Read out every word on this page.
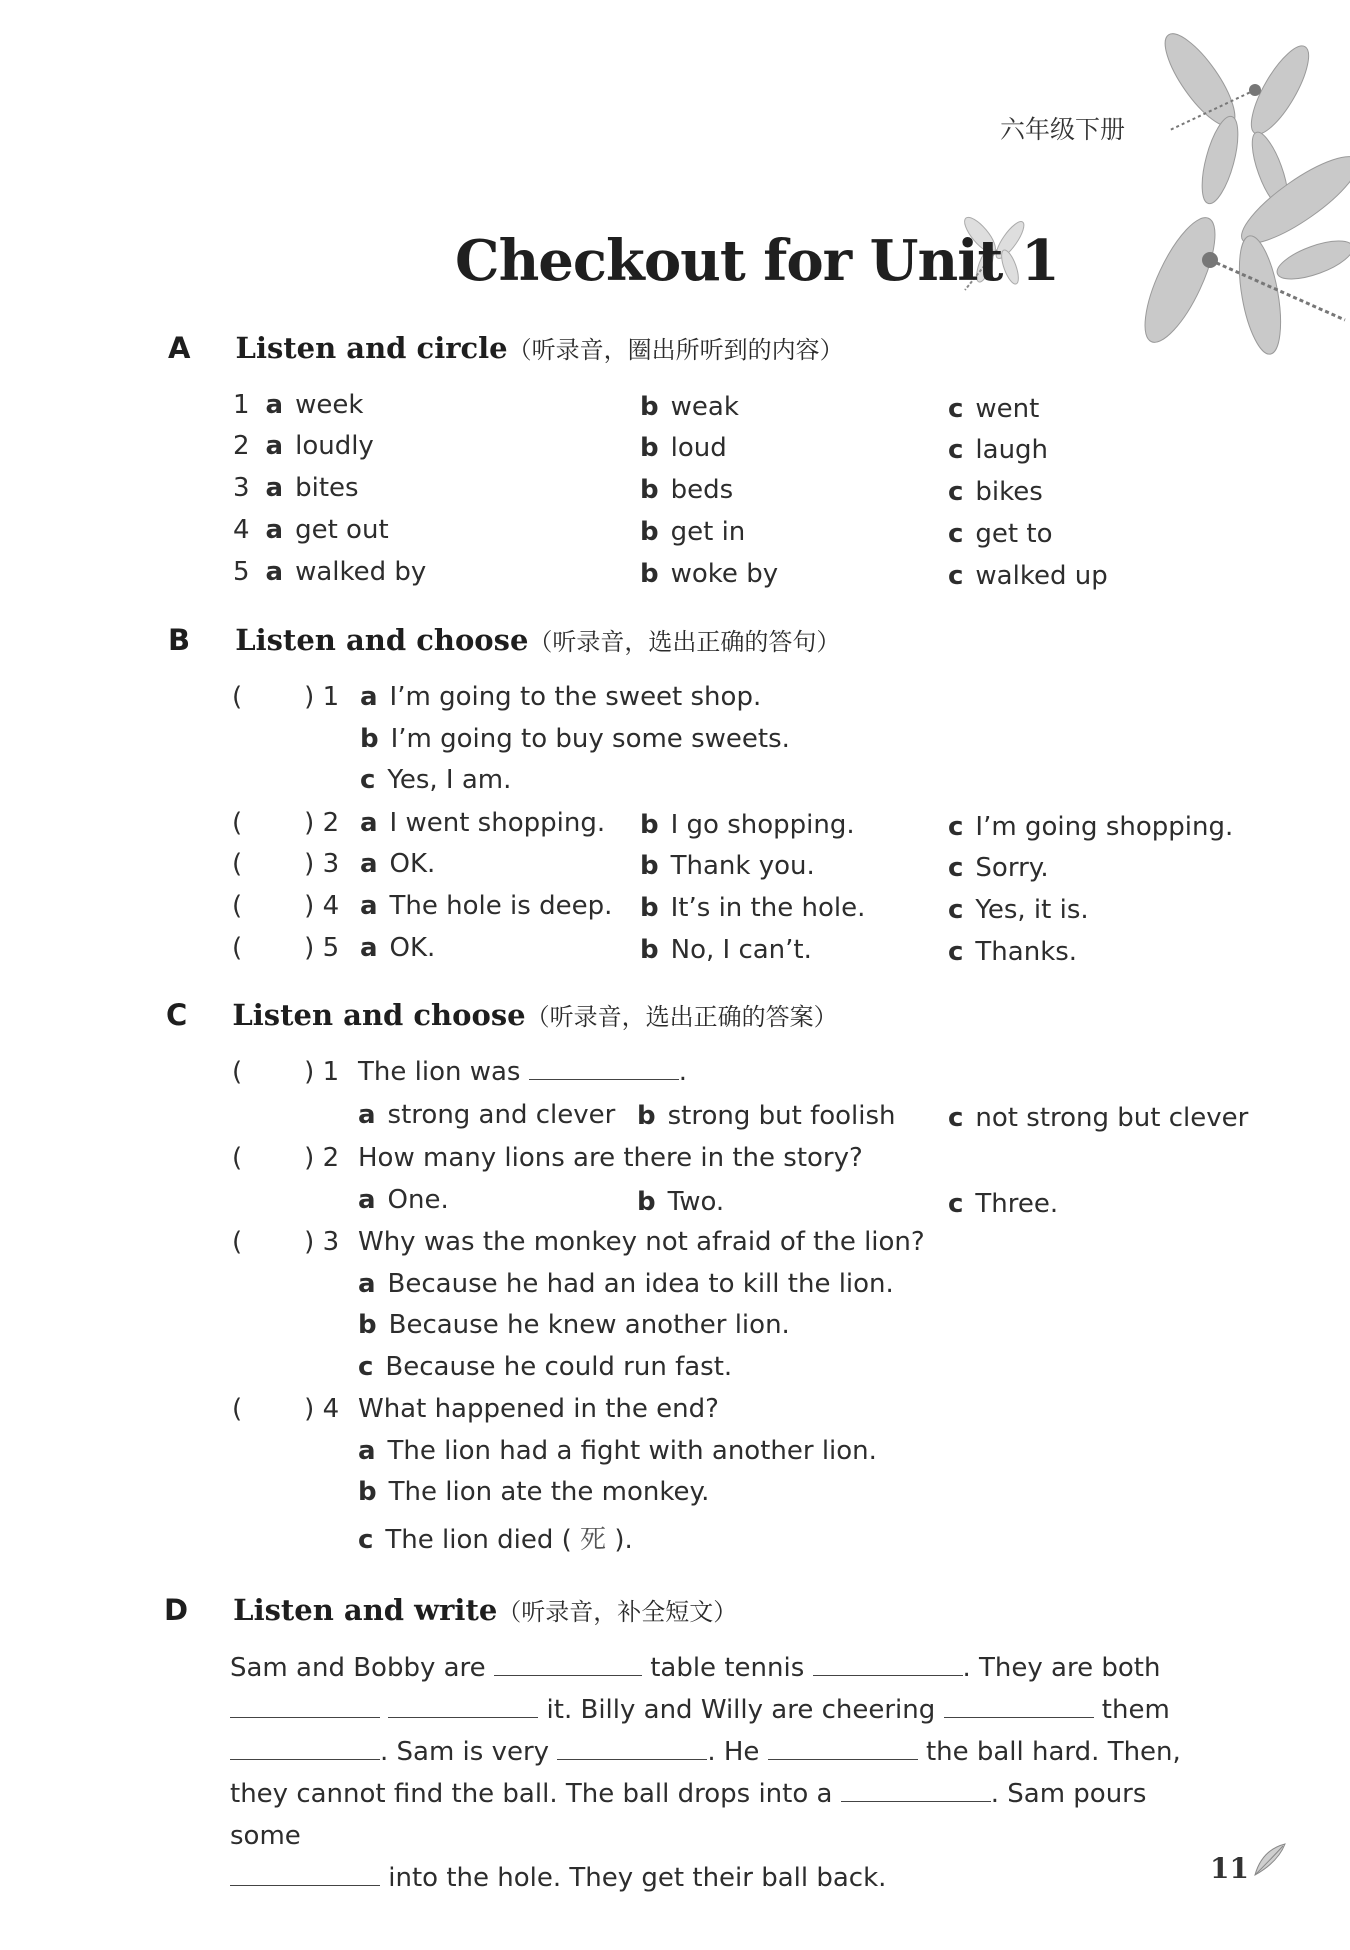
六年级下册
Checkout for Unit 1
A Listen and circle（听录音，圈出所听到的内容）
1 a week	b weak	c went
2 a loudly	b loud	c laugh
3 a bites	b beds	c bikes
4 a get out	b get in	c get to
5 a walked by	b woke by	c walked up
B Listen and choose（听录音，选出正确的答句）
( ) 1 a I’m going to the sweet shop.
b I’m going to buy some sweets.
c Yes, I am.
( ) 2 a I went shopping. b I go shopping.	c I’m going shopping.
( ) 3 a OK.	b Thank you.	c Sorry.
( ) 4 a The hole is deep. b It’s in the hole.	c Yes, it is.
( ) 5 a OK.	b No, I can’t.	c Thanks.
C Listen and choose（听录音，选出正确的答案）
( ) 1 The lion was	.
a strong and clever b strong but foolish c not strong but clever
( ) 2 How many lions are there in the story?
a One.	b Two.	c Three.
( ) 3 Why was the monkey not afraid of the lion?
a Because he had an idea to kill the lion.
b Because he knew another lion.
c Because he could run fast.
( ) 4 What happened in the end?
a The lion had a fight with another lion.
b The lion ate the monkey.
c The lion died ( 死 ).
D Listen and write（听录音，补全短文）
Sam and Bobby are	table tennis	. They are both
it. Billy and Willy are cheering	them
. Sam is very	. He	the ball hard. Then,
they cannot find the ball. The ball drops into a	. Sam pours some
into the hole. They get their ball back.	11
